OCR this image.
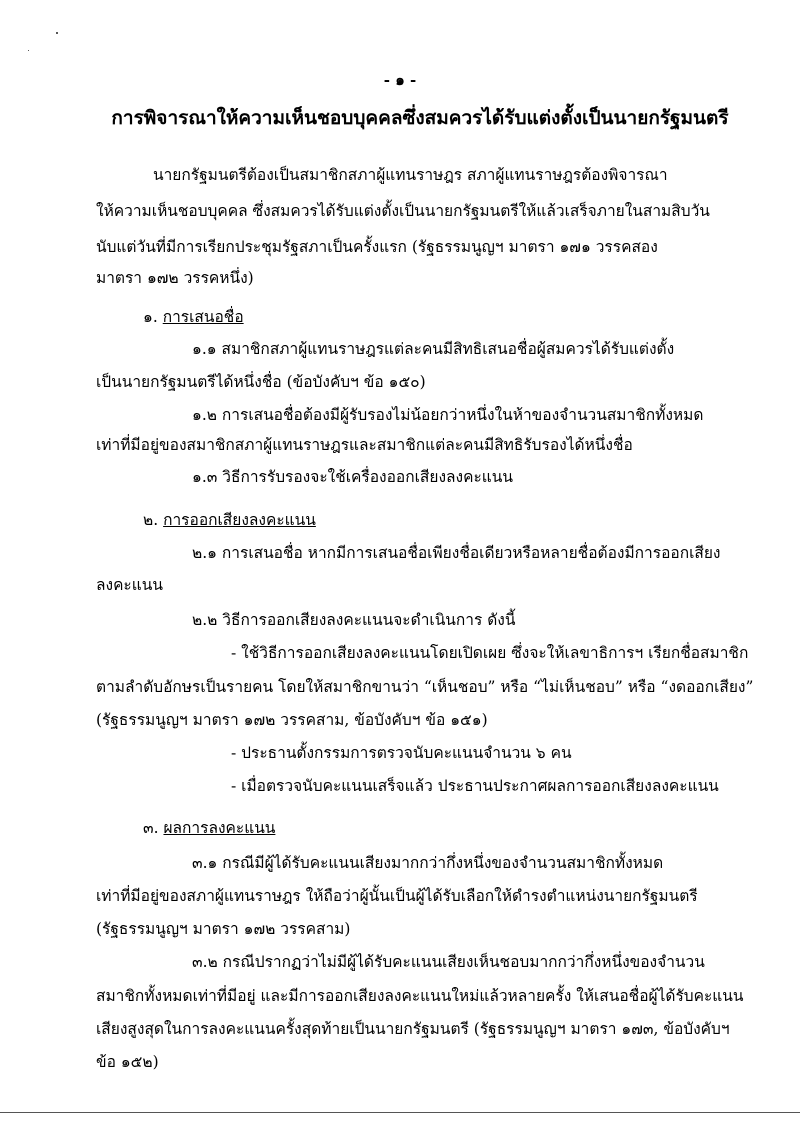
- ๑ -
การพิจารณาให้ความเห็นชอบบุคคลซึ่งสมควรได้รับแต่งตั้งเป็นนายกรัฐมนตรี
นายกรัฐมนตรีต้องเป็นสมาชิกสภาผู้แทนราษฎร สภาผู้แทนราษฎรต้องพิจารณา
ให้ความเห็นชอบบุคคล ซึ่งสมควรได้รับแต่งตั้งเป็นนายกรัฐมนตรีให้แล้วเสร็จภายในสามสิบวัน
นับแต่วันที่มีการเรียกประชุมรัฐสภาเป็นครั้งแรก (รัฐธรรมนูญฯ มาตรา ๑๗๑ วรรคสอง
มาตรา ๑๗๒ วรรคหนึ่ง)
๑. การเสนอชื่อ
๑.๑ สมาชิกสภาผู้แทนราษฎรแต่ละคนมีสิทธิเสนอชื่อผู้สมควรได้รับแต่งตั้ง
เป็นนายกรัฐมนตรีได้หนึ่งชื่อ (ข้อบังคับฯ ข้อ ๑๕๐)
๑.๒ การเสนอชื่อต้องมีผู้รับรองไม่น้อยกว่าหนึ่งในห้าของจำนวนสมาชิกทั้งหมด
เท่าที่มีอยู่ของสมาชิกสภาผู้แทนราษฎรและสมาชิกแต่ละคนมีสิทธิรับรองได้หนึ่งชื่อ
๑.๓ วิธีการรับรองจะใช้เครื่องออกเสียงลงคะแนน
๒. การออกเสียงลงคะแนน
๒.๑ การเสนอชื่อ หากมีการเสนอชื่อเพียงชื่อเดียวหรือหลายชื่อต้องมีการออกเสียง
ลงคะแนน
๒.๒ วิธีการออกเสียงลงคะแนนจะดำเนินการ ดังนี้
- ใช้วิธีการออกเสียงลงคะแนนโดยเปิดเผย ซึ่งจะให้เลขาธิการฯ เรียกชื่อสมาชิก
ตามลำดับอักษรเป็นรายคน โดยให้สมาชิกขานว่า “เห็นชอบ” หรือ “ไม่เห็นชอบ” หรือ “งดออกเสียง”
(รัฐธรรมนูญฯ มาตรา ๑๗๒ วรรคสาม, ข้อบังคับฯ ข้อ ๑๕๑)
- ประธานตั้งกรรมการตรวจนับคะแนนจำนวน ๖ คน
- เมื่อตรวจนับคะแนนเสร็จแล้ว ประธานประกาศผลการออกเสียงลงคะแนน
๓. ผลการลงคะแนน
๓.๑ กรณีมีผู้ได้รับคะแนนเสียงมากกว่ากึ่งหนึ่งของจำนวนสมาชิกทั้งหมด
เท่าที่มีอยู่ของสภาผู้แทนราษฎร ให้ถือว่าผู้นั้นเป็นผู้ได้รับเลือกให้ดำรงตำแหน่งนายกรัฐมนตรี
(รัฐธรรมนูญฯ มาตรา ๑๗๒ วรรคสาม)
๓.๒ กรณีปรากฏว่าไม่มีผู้ได้รับคะแนนเสียงเห็นชอบมากกว่ากึ่งหนึ่งของจำนวน
สมาชิกทั้งหมดเท่าที่มีอยู่ และมีการออกเสียงลงคะแนนใหม่แล้วหลายครั้ง ให้เสนอชื่อผู้ได้รับคะแนน
เสียงสูงสุดในการลงคะแนนครั้งสุดท้ายเป็นนายกรัฐมนตรี (รัฐธรรมนูญฯ มาตรา ๑๗๓, ข้อบังคับฯ
ข้อ ๑๕๒)
